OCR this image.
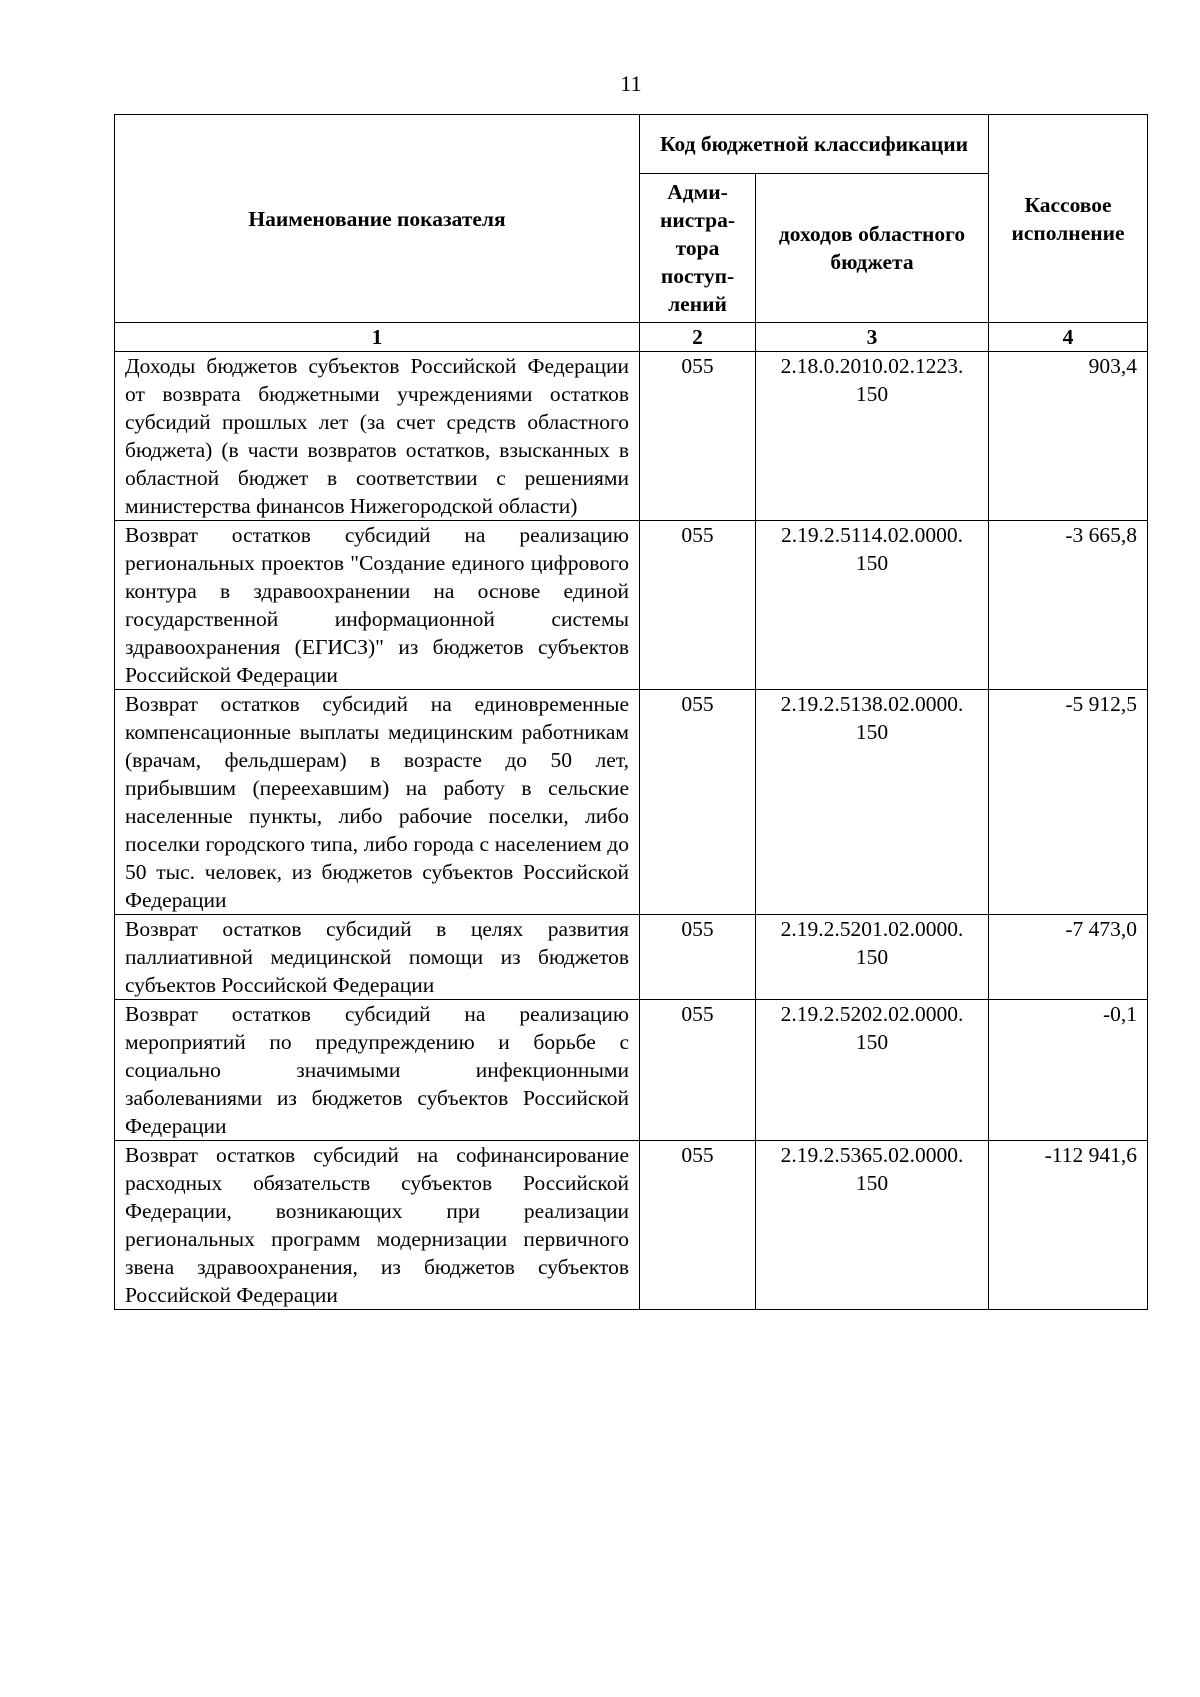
11
Наименование показателя	Код бюджетной классификации		Кассовое исполнение
	Адми- нистра- тора поступ- лений	доходов областного бюджета	
1	2	3	4
Доходы бюджетов субъектов Российской Федерации от возврата бюджетными учреждениями остатков субсидий прошлых лет (за счет средств областного бюджета) (в части возвратов остатков, взысканных в областной бюджет в соответствии с решениями министерства финансов Нижегородской области)	055	2.18.0.2010.02.1223. 150	903,4
Возврат остатков субсидий на реализацию региональных проектов "Создание единого цифрового контура в здравоохранении на основе единой государственной информационной системы здравоохранения (ЕГИСЗ)" из бюджетов субъектов Российской Федерации	055	2.19.2.5114.02.0000. 150	-3 665,8
Возврат остатков субсидий на единовременные компенсационные выплаты медицинским работникам (врачам, фельдшерам) в возрасте до 50 лет, прибывшим (переехавшим) на работу в сельские населенные пункты, либо рабочие поселки, либо поселки городского типа, либо города с населением до 50 тыс. человек, из бюджетов субъектов Российской Федерации	055	2.19.2.5138.02.0000. 150	-5 912,5
Возврат остатков субсидий в целях развития паллиативной медицинской помощи из бюджетов субъектов Российской Федерации	055	2.19.2.5201.02.0000. 150	-7 473,0
Возврат остатков субсидий на реализацию мероприятий по предупреждению и борьбе с социально значимыми инфекционными заболеваниями из бюджетов субъектов Российской Федерации	055	2.19.2.5202.02.0000. 150	-0,1
Возврат остатков субсидий на софинансирование расходных обязательств субъектов Российской Федерации, возникающих при реализации региональных программ модернизации первичного звена здравоохранения, из бюджетов субъектов Российской Федерации	055	2.19.2.5365.02.0000. 150	-112 941,6
